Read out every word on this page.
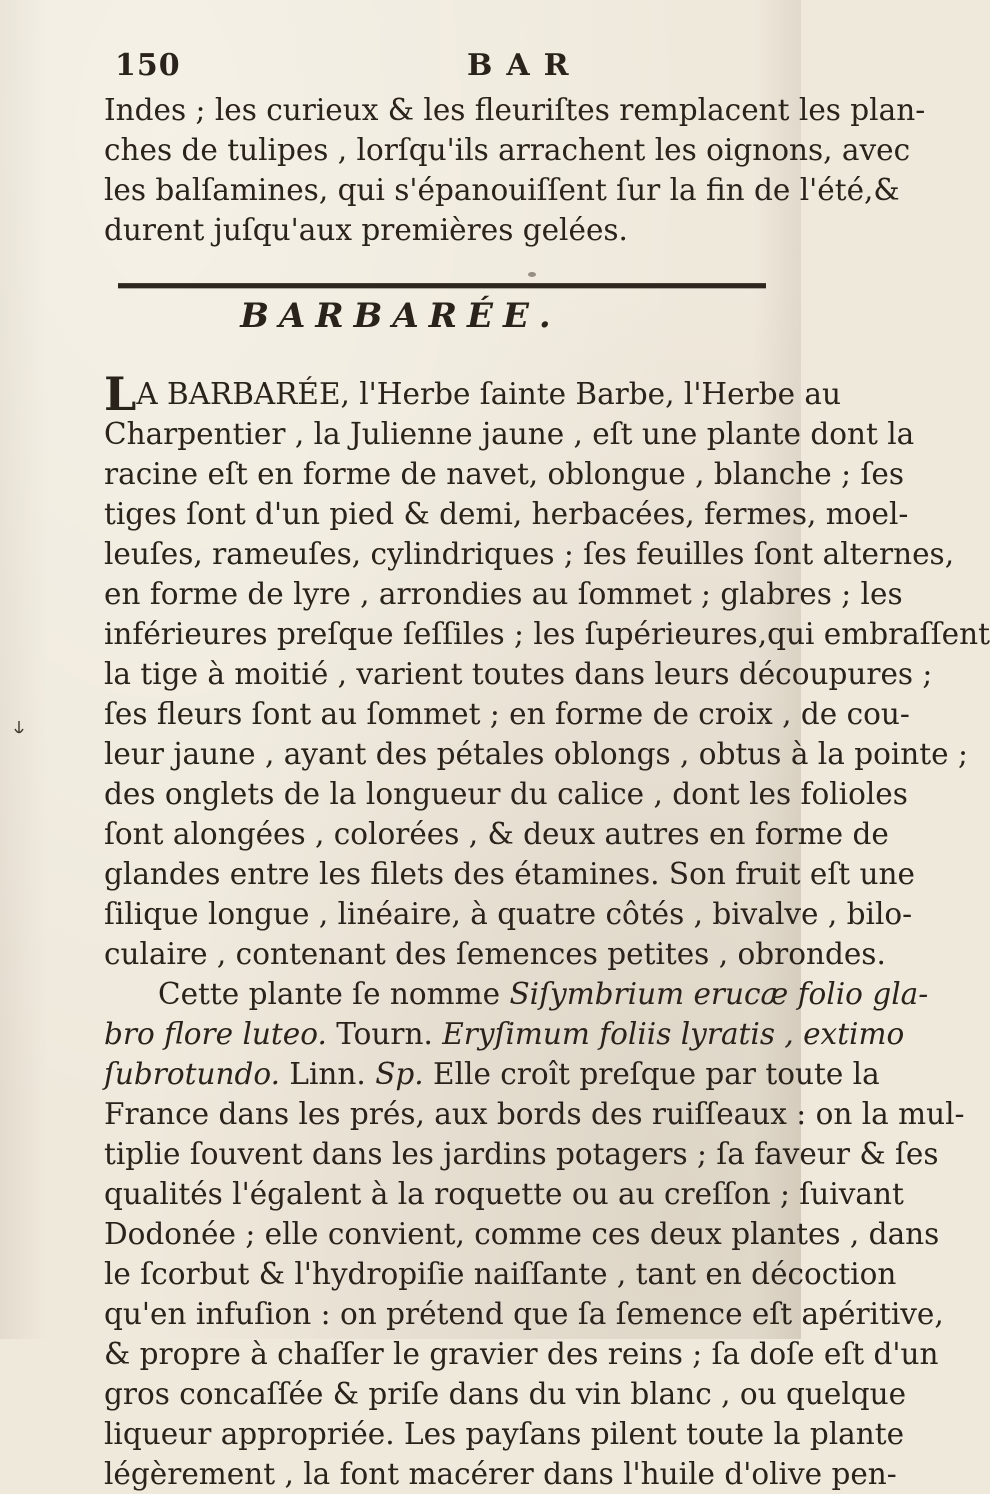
150	BAR
Indes ; les curieux & les fleuriſtes remplacent les plan-
ches de tulipes , lorſqu'ils arrachent les oignons, avec
les balſamines, qui s'épanouiſſent ſur la fin de l'été,&
durent juſqu'aux premières gelées.
BARBARÉE.
LA BARBARÉE, l'Herbe ſainte Barbe, l'Herbe au
Charpentier , la Julienne jaune , eſt une plante dont la
racine eſt en forme de navet, oblongue , blanche ; ſes
tiges ſont d'un pied & demi, herbacées, fermes, moel-
leuſes, rameuſes, cylindriques ; ſes feuilles ſont alternes,
en forme de lyre , arrondies au ſommet ; glabres ; les
inférieures preſque ſeſſiles ; les ſupérieures,qui embraſſent
la tige à moitié , varient toutes dans leurs découpures ;
ſes fleurs ſont au ſommet ; en forme de croix , de cou-
leur jaune , ayant des pétales oblongs , obtus à la pointe ;
des onglets de la longueur du calice , dont les folioles
ſont alongées , colorées , & deux autres en forme de
glandes entre les filets des étamines. Son fruit eſt une
ſilique longue , linéaire, à quatre côtés , bivalve , bilo-
culaire , contenant des ſemences petites , obrondes.
Cette plante ſe nomme Siſymbrium erucæ folio gla-
bro flore luteo. Tourn. Eryſimum foliis lyratis , extimo
ſubrotundo. Linn. Sp. Elle croît preſque par toute la
France dans les prés, aux bords des ruiſſeaux : on la mul-
tiplie ſouvent dans les jardins potagers ; ſa faveur & ſes
qualités l'égalent à la roquette ou au creſſon ; ſuivant
Dodonée ; elle convient, comme ces deux plantes , dans
le ſcorbut & l'hydropiſie naiſſante , tant en décoction
qu'en infuſion : on prétend que ſa ſemence eſt apéritive,
& propre à chaſſer le gravier des reins ; ſa doſe eſt d'un
gros concaſſée & priſe dans du vin blanc , ou quelque
liqueur appropriée. Les payſans pilent toute la plante
légèrement , la font macérer dans l'huile d'olive pen-
